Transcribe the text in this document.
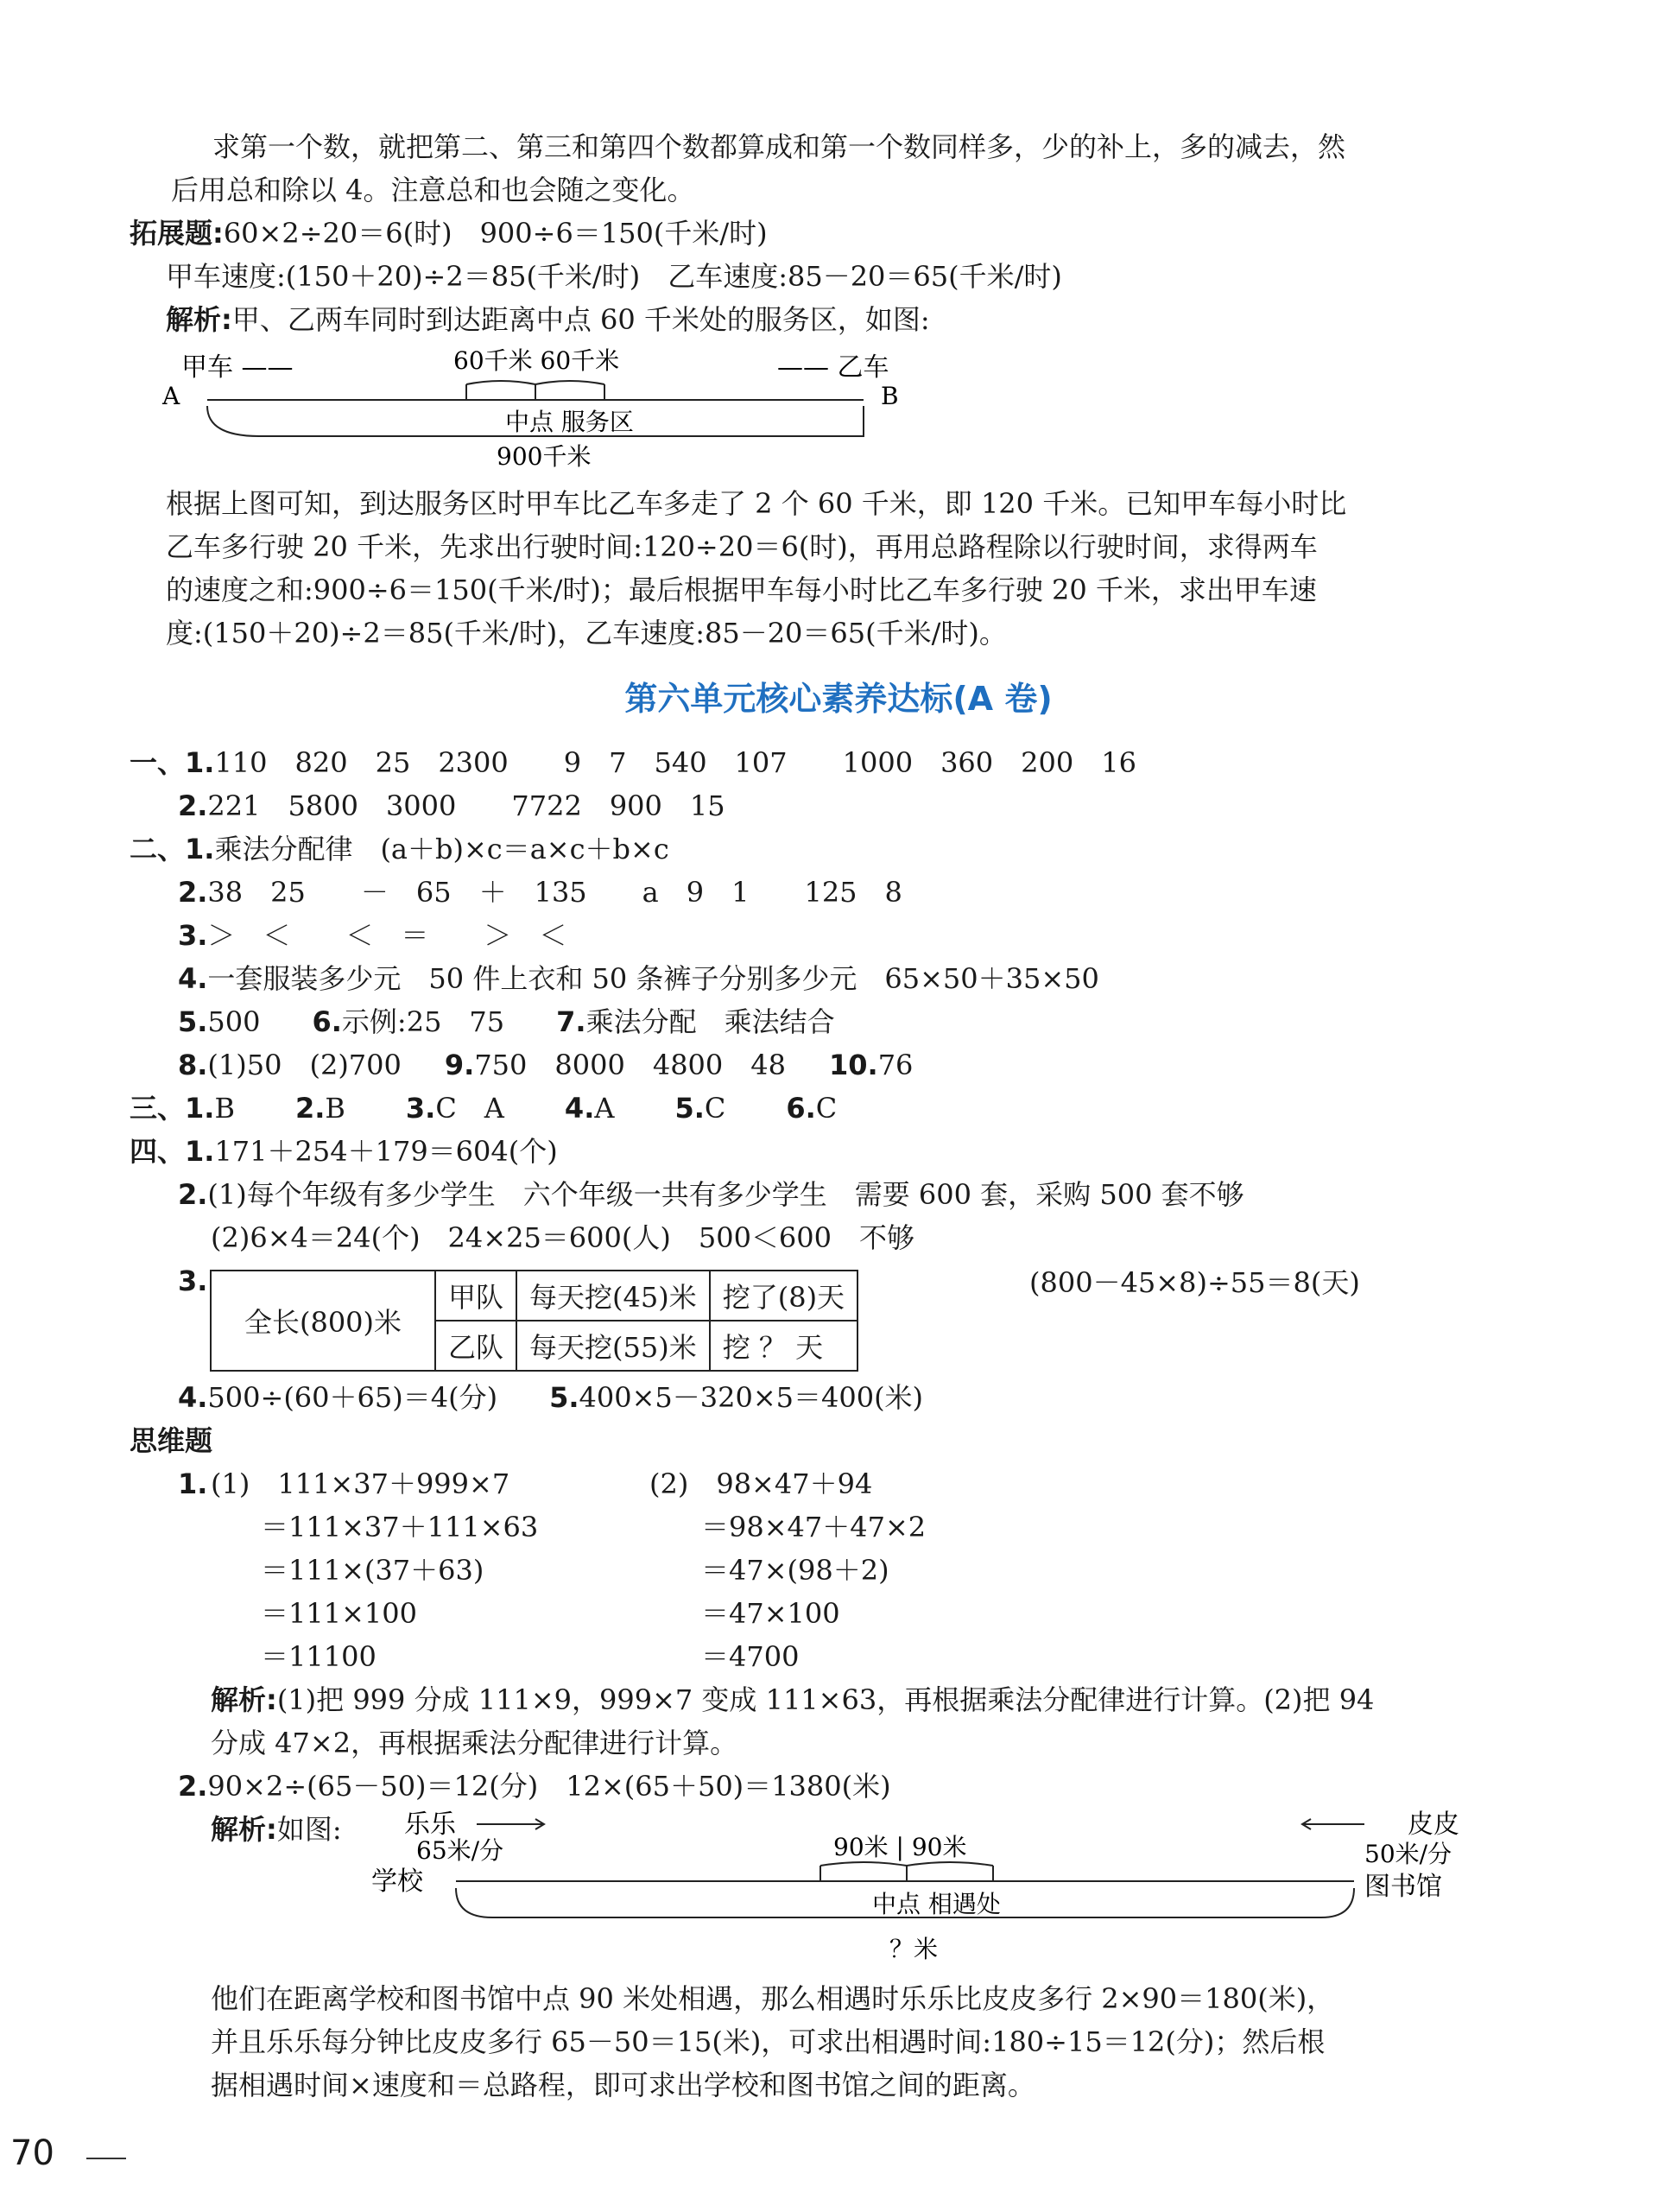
求第一个数，就把第二、第三和第四个数都算成和第一个数同样多，少的补上，多的减去，然
后用总和除以 4。注意总和也会随之变化。
拓展题:60×2÷20＝6(时)　900÷6＝150(千米/时)
甲车速度:(150＋20)÷2＝85(千米/时)　乙车速度:85－20＝65(千米/时)
解析:甲、乙两车同时到达距离中点 60 千米处的服务区，如图:
甲车 ——
A
—— 乙车
B
60千米 60千米
中点 服务区
900千米
根据上图可知，到达服务区时甲车比乙车多走了 2 个 60 千米，即 120 千米。已知甲车每小时比
乙车多行驶 20 千米，先求出行驶时间:120÷20＝6(时)，再用总路程除以行驶时间，求得两车
的速度之和:900÷6＝150(千米/时)；最后根据甲车每小时比乙车多行驶 20 千米，求出甲车速
度:(150＋20)÷2＝85(千米/时)，乙车速度:85－20＝65(千米/时)。
第六单元核心素养达标(A 卷)
一、1.110　820　25　2300　　9　7　540　107　　1000　360　200　16
2.221　5800　3000　　7722　900　15
二、1.乘法分配律　(a＋b)×c＝a×c＋b×c
2.38　25　　－　65　＋　135　　a　9　1　　125　8
3.＞　＜　　＜　＝　　＞　＜
4.一套服装多少元　50 件上衣和 50 条裤子分别多少元　65×50＋35×50
5.500 6.示例:25　75 7.乘法分配　乘法结合
8.(1)50　(2)700 9.750　8000　4800　48 10.76
三、1.B 2.B 3.C　A 4.A 5.C 6.C
四、1.171＋254＋179＝604(个)
2.(1)每个年级有多少学生　六个年级一共有多少学生　需要 600 套，采购 500 套不够
(2)6×4＝24(个)　24×25＝600(人)　500＜600　不够
3.
全长(800)米	甲队	每天挖(45)米	挖了(8)天
	乙队	每天挖(55)米	挖 ？ 天
(800－45×8)÷55＝8(天)
4.500÷(60＋65)＝4(分) 5.400×5－320×5＝400(米)
思维题
1. (1)　111×37＋999×7
＝111×37＋111×63
＝111×(37＋63)
＝111×100
＝11100
(2)　98×47＋94
＝98×47＋47×2
＝47×(98＋2)
＝47×100
＝4700
解析:(1)把 999 分成 111×9，999×7 变成 111×63，再根据乘法分配律进行计算。(2)把 94
分成 47×2，再根据乘法分配律进行计算。
2.90×2÷(65－50)＝12(分)　12×(65＋50)＝1380(米)
解析:如图: 乐乐
65米/分
学校
90米 | 90米
中点 相遇处
？米
皮皮
50米/分
图书馆
他们在距离学校和图书馆中点 90 米处相遇，那么相遇时乐乐比皮皮多行 2×90＝180(米)，
并且乐乐每分钟比皮皮多行 65－50＝15(米)，可求出相遇时间:180÷15＝12(分)；然后根
据相遇时间×速度和＝总路程，即可求出学校和图书馆之间的距离。
70
